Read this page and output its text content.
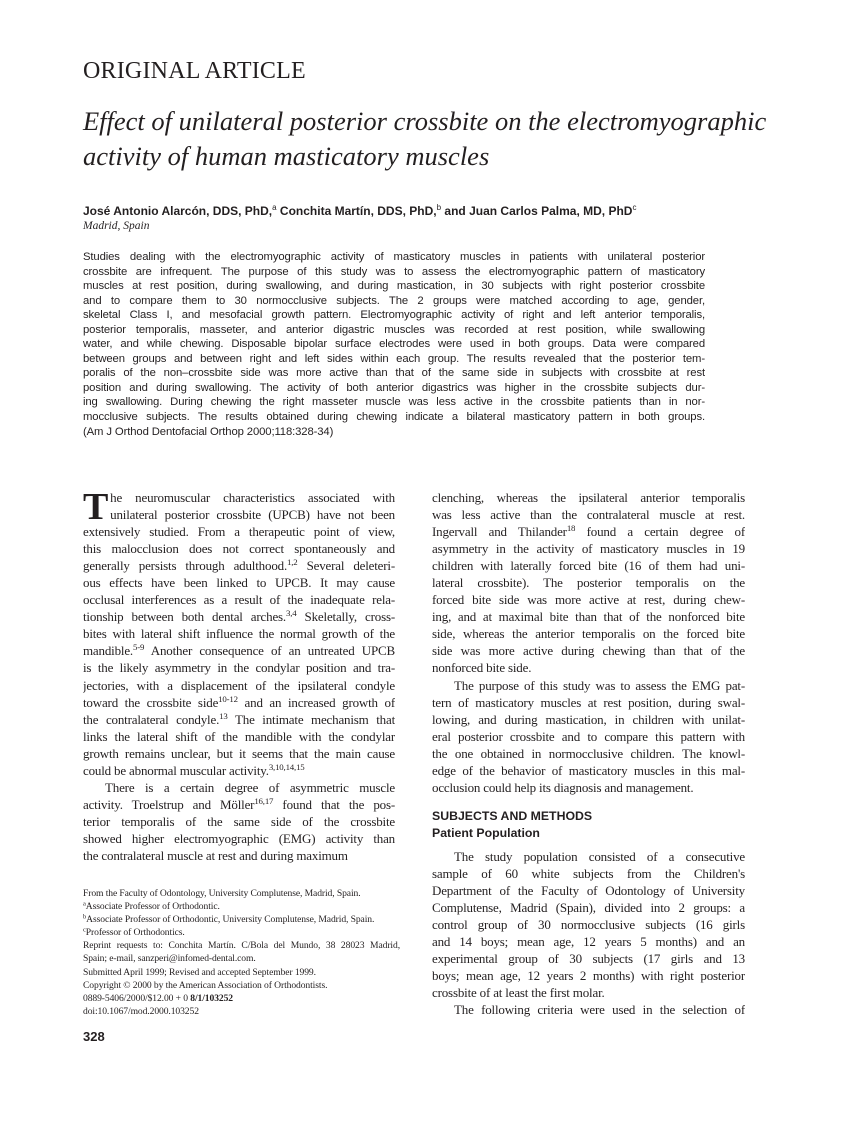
ORIGINAL ARTICLE
Effect of unilateral posterior crossbite on the electromyographic
activity of human masticatory muscles
José Antonio Alarcón, DDS, PhD,$^a$ Conchita Martín, DDS, PhD,$^b$ and Juan Carlos Palma, MD, PhD$^c$
Madrid, Spain
Studies dealing with the electromyographic activity of masticatory muscles in patients with unilateral posterior
crossbite are infrequent. The purpose of this study was to assess the electromyographic pattern of masticatory
muscles at rest position, during swallowing, and during mastication, in 30 subjects with right posterior crossbite
and to compare them to 30 normocclusive subjects. The 2 groups were matched according to age, gender,
skeletal Class I, and mesofacial growth pattern. Electromyographic activity of right and left anterior temporalis,
posterior temporalis, masseter, and anterior digastric muscles was recorded at rest position, while swallowing
water, and while chewing. Disposable bipolar surface electrodes were used in both groups. Data were compared
between groups and between right and left sides within each group. The results revealed that the posterior tem-
poralis of the non–crossbite side was more active than that of the same side in subjects with crossbite at rest
position and during swallowing. The activity of both anterior digastrics was higher in the crossbite subjects dur-
ing swallowing. During chewing the right masseter muscle was less active in the crossbite patients than in nor-
mocclusive subjects. The results obtained during chewing indicate a bilateral masticatory pattern in both groups.
(Am J Orthod Dentofacial Orthop 2000;118:328-34)
T he neuromuscular characteristics associated with
unilateral posterior crossbite (UPCB) have not been
extensively studied. From a therapeutic point of view,
this malocclusion does not correct spontaneously and
generally persists through adulthood.$^{1,2}$ Several deleteri-
ous effects have been linked to UPCB. It may cause
occlusal interferences as a result of the inadequate rela-
tionship between both dental arches.$^{3,4}$ Skeletally, cross-
bites with lateral shift influence the normal growth of the
mandible.$^{5-9}$ Another consequence of an untreated UPCB
is the likely asymmetry in the condylar position and tra-
jectories, with a displacement of the ipsilateral condyle
toward the crossbite side$^{10-12}$ and an increased growth of
the contralateral condyle.$^{13}$ The intimate mechanism that
links the lateral shift of the mandible with the condylar
growth remains unclear, but it seems that the main cause
could be abnormal muscular activity.$^{3,10,14,15}$
There is a certain degree of asymmetric muscle
activity. Troelstrup and Möller$^{16,17}$ found that the pos-
terior temporalis of the same side of the crossbite
showed higher electromyographic (EMG) activity than
the contralateral muscle at rest and during maximum
clenching, whereas the ipsilateral anterior temporalis
was less active than the contralateral muscle at rest.
Ingervall and Thilander$^{18}$ found a certain degree of
asymmetry in the activity of masticatory muscles in 19
children with laterally forced bite (16 of them had uni-
lateral crossbite). The posterior temporalis on the
forced bite side was more active at rest, during chew-
ing, and at maximal bite than that of the nonforced bite
side, whereas the anterior temporalis on the forced bite
side was more active during chewing than that of the
nonforced bite side.
The purpose of this study was to assess the EMG pat-
tern of masticatory muscles at rest position, during swal-
lowing, and during mastication, in children with unilat-
eral posterior crossbite and to compare this pattern with
the one obtained in normocclusive children. The knowl-
edge of the behavior of masticatory muscles in this mal-
occlusion could help its diagnosis and management.
SUBJECTS AND METHODS
Patient Population
The study population consisted of a consecutive
sample of 60 white subjects from the Children's
Department of the Faculty of Odontology of University
Complutense, Madrid (Spain), divided into 2 groups: a
control group of 30 normocclusive subjects (16 girls
and 14 boys; mean age, 12 years 5 months) and an
experimental group of 30 subjects (17 girls and 13
boys; mean age, 12 years 2 months) with right posterior
crossbite of at least the first molar.
The following criteria were used in the selection of
From the Faculty of Odontology, University Complutense, Madrid, Spain.
$^a$Associate Professor of Orthodontic.
$^b$Associate Professor of Orthodontic, University Complutense, Madrid, Spain.
$^c$Professor of Orthodontics.
Reprint requests to: Conchita Martín. C/Bola del Mundo, 38 28023 Madrid,
Spain; e-mail, sanzperi@infomed-dental.com.
Submitted April 1999; Revised and accepted September 1999.
Copyright © 2000 by the American Association of Orthodontists.
0889-5406/2000/$12.00 + 0 8/1/103252
doi:10.1067/mod.2000.103252
328
